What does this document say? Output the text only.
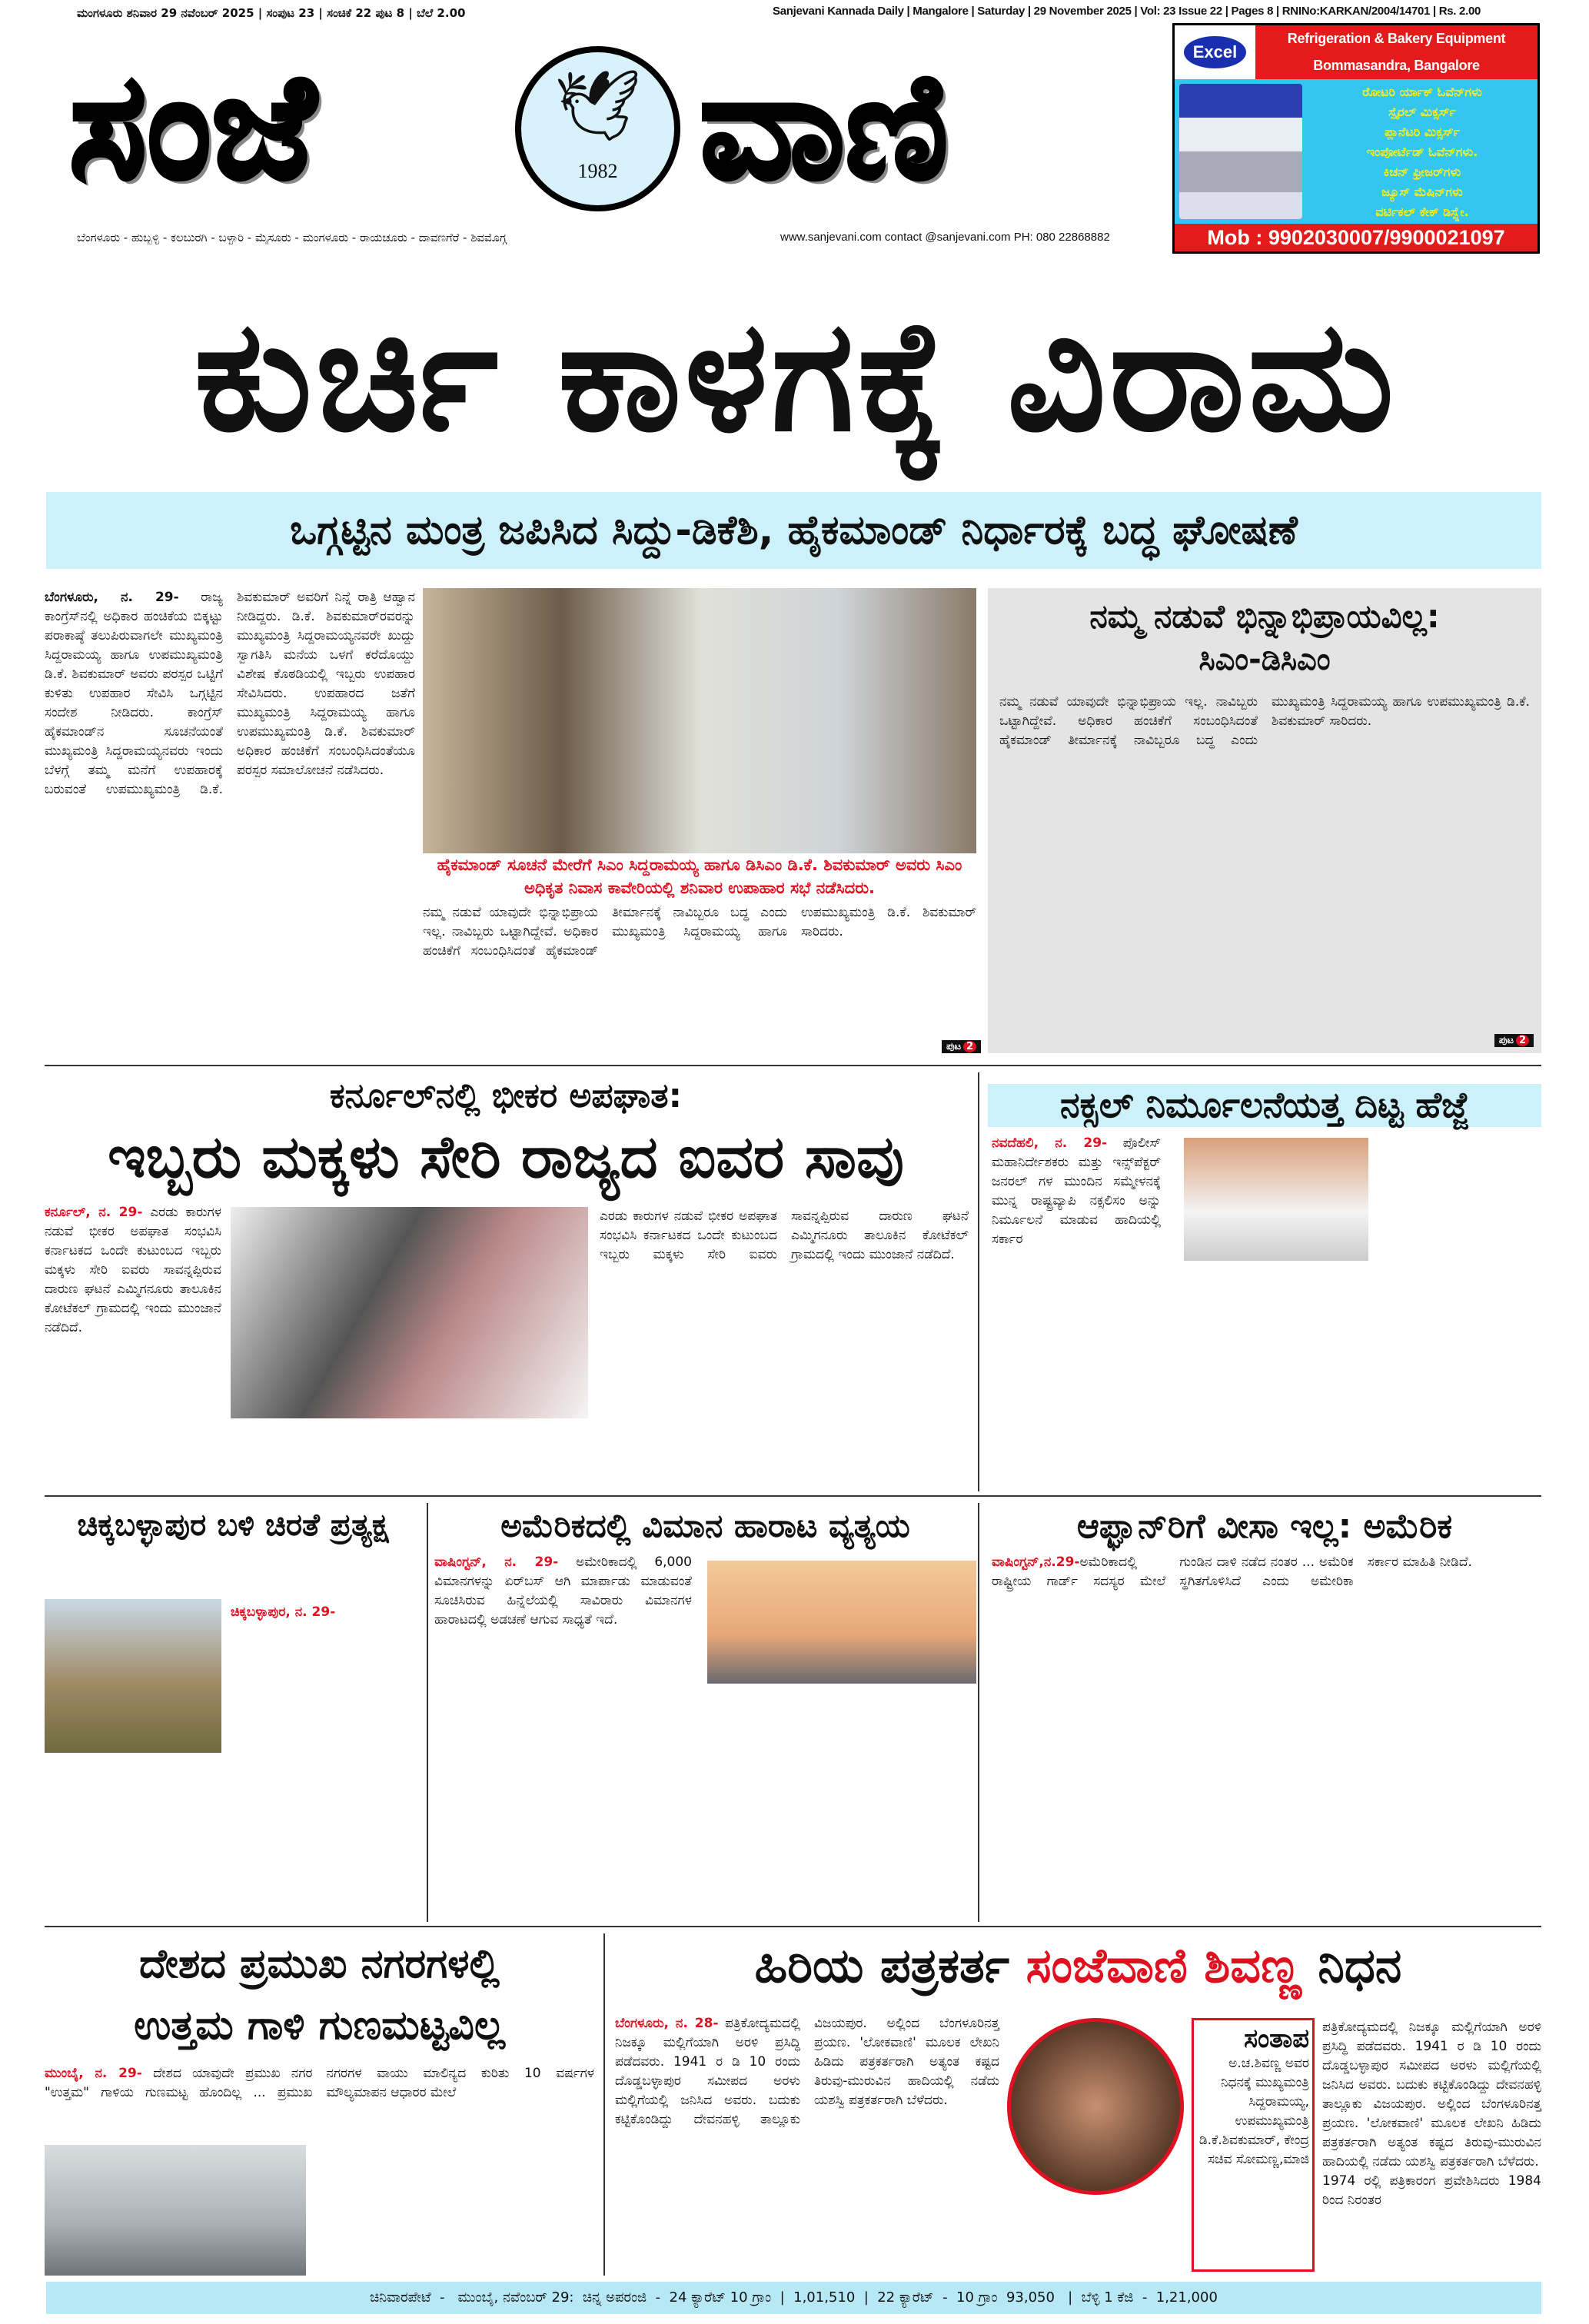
ಮಂಗಳೂರು ಶನಿವಾರ 29 ನವೆಂಬರ್ 2025 | ಸಂಪುಟ 23 | ಸಂಚಿಕೆ 22 ಪುಟ 8 | ಬೆಲೆ 2.00	Sanjevani Kannada Daily | Mangalore | Saturday | 29 November 2025 | Vol: 23 Issue 22 | Pages 8 | RNINo:KARKAN/2004/14701 | Rs. 2.00
ಸಂಜೆ	🕊
1982 ವಾಣಿ
ಬೆಂಗಳೂರು - ಹುಬ್ಬಳ್ಳಿ - ಕಲಬುರಗಿ - ಬಳ್ಳಾರಿ - ಮೈಸೂರು - ಮಂಗಳೂರು - ರಾಯಚೂರು - ದಾವಣಗೆರೆ - ಶಿವಮೊಗ್ಗ	www.sanjevani.com contact @sanjevani.com PH: 080 22868882
Excel
Refrigeration & Bakery Equipment
Bommasandra, Bangalore
ರೋಟರಿ ರ್ಯಾಕ್ ಓವೆನ್‌ಗಳು
ಸ್ಪೈರಲ್ ಮಿಕ್ಸರ್ಸ್
ಪ್ಲಾನೆಟರಿ ಮಿಕ್ಸರ್ಸ್
ಇಂಪೋರ್ಟೆಡ್ ಓವೆನ್‌ಗಳು.
ಕಿಚನ್ ಫ್ರೀಜರ್‌ಗಳು
ಜ್ಯೂಸ್ ಮೆಷಿನ್‌ಗಳು
ವರ್ಟಿಕಲ್ ಕೇಕ್ ಡಿಸ್ಪ್ಲೇ.
Mob : 9902030007/9900021097
ಕುರ್ಚಿ ಕಾಳಗಕ್ಕೆ ವಿರಾಮ
ಒಗ್ಗಟ್ಟಿನ ಮಂತ್ರ ಜಪಿಸಿದ ಸಿದ್ದು-ಡಿಕೆಶಿ, ಹೈಕಮಾಂಡ್ ನಿರ್ಧಾರಕ್ಕೆ ಬದ್ಧ ಘೋಷಣೆ
ಬೆಂಗಳೂರು, ನ. 29- ರಾಜ್ಯ ಕಾಂಗ್ರೆಸ್‌ನಲ್ಲಿ ಅಧಿಕಾರ ಹಂಚಿಕೆಯ ಬಿಕ್ಕಟ್ಟು ಪರಾಕಾಷ್ಠೆ ತಲುಪಿರುವಾಗಲೇ ಮುಖ್ಯಮಂತ್ರಿ ಸಿದ್ದರಾಮಯ್ಯ ಹಾಗೂ ಉಪಮುಖ್ಯಮಂತ್ರಿ ಡಿ.ಕೆ. ಶಿವಕುಮಾರ್ ಅವರು ಪರಸ್ಪರ ಒಟ್ಟಿಗೆ ಕುಳಿತು ಉಪಹಾರ ಸೇವಿಸಿ ಒಗ್ಗಟ್ಟಿನ ಸಂದೇಶ ನೀಡಿದರು. ಕಾಂಗ್ರೆಸ್ ಹೈಕಮಾಂಡ್‌ನ ಸೂಚನೆಯಂತೆ ಮುಖ್ಯಮಂತ್ರಿ ಸಿದ್ದರಾಮಯ್ಯನವರು ಇಂದು ಬೆಳಗ್ಗೆ ತಮ್ಮ ಮನೆಗೆ ಉಪಹಾರಕ್ಕೆ ಬರುವಂತೆ ಉಪಮುಖ್ಯಮಂತ್ರಿ ಡಿ.ಕೆ. ಶಿವಕುಮಾರ್ ಅವರಿಗೆ ನಿನ್ನೆ ರಾತ್ರಿ ಆಹ್ವಾನ ನೀಡಿದ್ದರು. ಡಿ.ಕೆ. ಶಿವಕುಮಾರ್‌ರವರನ್ನು ಮುಖ್ಯಮಂತ್ರಿ ಸಿದ್ದರಾಮಯ್ಯನವರೇ ಖುದ್ದು ಸ್ವಾಗತಿಸಿ ಮನೆಯ ಒಳಗೆ ಕರೆದೊಯ್ದು ವಿಶೇಷ ಕೊಠಡಿಯಲ್ಲಿ ಇಬ್ಬರು ಉಪಹಾರ ಸೇವಿಸಿದರು. ಉಪಹಾರದ ಜತೆಗೆ ಮುಖ್ಯಮಂತ್ರಿ ಸಿದ್ದರಾಮಯ್ಯ ಹಾಗೂ ಉಪಮುಖ್ಯಮಂತ್ರಿ ಡಿ.ಕೆ. ಶಿವಕುಮಾರ್ ಅಧಿಕಾರ ಹಂಚಿಕೆಗೆ ಸಂಬಂಧಿಸಿದಂತೆಯೂ ಪರಸ್ಪರ ಸಮಾಲೋಚನೆ ನಡೆಸಿದರು.
ಹೈಕಮಾಂಡ್ ಸೂಚನೆ ಮೇರೆಗೆ ಸಿಎಂ ಸಿದ್ದರಾಮಯ್ಯ ಹಾಗೂ ಡಿಸಿಎಂ ಡಿ.ಕೆ. ಶಿವಕುಮಾರ್ ಅವರು ಸಿಎಂ ಅಧಿಕೃತ ನಿವಾಸ ಕಾವೇರಿಯಲ್ಲಿ ಶನಿವಾರ ಉಪಾಹಾರ ಸಭೆ ನಡೆಸಿದರು.
ನಮ್ಮ ನಡುವೆ ಯಾವುದೇ ಭಿನ್ನಾಭಿಪ್ರಾಯ ಇಲ್ಲ. ನಾವಿಬ್ಬರು ಒಟ್ಟಾಗಿದ್ದೇವೆ. ಅಧಿಕಾರ ಹಂಚಿಕೆಗೆ ಸಂಬಂಧಿಸಿದಂತೆ ಹೈಕಮಾಂಡ್ ತೀರ್ಮಾನಕ್ಕೆ ನಾವಿಬ್ಬರೂ ಬದ್ಧ ಎಂದು ಮುಖ್ಯಮಂತ್ರಿ ಸಿದ್ದರಾಮಯ್ಯ ಹಾಗೂ ಉಪಮುಖ್ಯಮಂತ್ರಿ ಡಿ.ಕೆ. ಶಿವಕುಮಾರ್ ಸಾರಿದರು.
ಪುಟ 2
ನಮ್ಮ ನಡುವೆ ಭಿನ್ನಾಭಿಪ್ರಾಯವಿಲ್ಲ:
ಸಿಎಂ-ಡಿಸಿಎಂ
ನಮ್ಮ ನಡುವೆ ಯಾವುದೇ ಭಿನ್ನಾಭಿಪ್ರಾಯ ಇಲ್ಲ. ನಾವಿಬ್ಬರು ಒಟ್ಟಾಗಿದ್ದೇವೆ. ಅಧಿಕಾರ ಹಂಚಿಕೆಗೆ ಸಂಬಂಧಿಸಿದಂತೆ ಹೈಕಮಾಂಡ್ ತೀರ್ಮಾನಕ್ಕೆ ನಾವಿಬ್ಬರೂ ಬದ್ಧ ಎಂದು ಮುಖ್ಯಮಂತ್ರಿ ಸಿದ್ದರಾಮಯ್ಯ ಹಾಗೂ ಉಪಮುಖ್ಯಮಂತ್ರಿ ಡಿ.ಕೆ. ಶಿವಕುಮಾರ್ ಸಾರಿದರು.
ಪುಟ 2
ಕರ್ನೂಲ್‌ನಲ್ಲಿ ಭೀಕರ ಅಪಘಾತ:
ಇಬ್ಬರು ಮಕ್ಕಳು ಸೇರಿ ರಾಜ್ಯದ ಐವರ ಸಾವು
ಕರ್ನೂಲ್, ನ. 29- ಎರಡು ಕಾರುಗಳ ನಡುವೆ ಭೀಕರ ಅಪಘಾತ ಸಂಭವಿಸಿ ಕರ್ನಾಟಕದ ಒಂದೇ ಕುಟುಂಬದ ಇಬ್ಬರು ಮಕ್ಕಳು ಸೇರಿ ಐವರು ಸಾವನ್ನಪ್ಪಿರುವ ದಾರುಣ ಘಟನೆ ಎಮ್ಮಿಗನೂರು ತಾಲೂಕಿನ ಕೋಟೆಕಲ್ ಗ್ರಾಮದಲ್ಲಿ ಇಂದು ಮುಂಜಾನೆ ನಡೆದಿದೆ.
ಎರಡು ಕಾರುಗಳ ನಡುವೆ ಭೀಕರ ಅಪಘಾತ ಸಂಭವಿಸಿ ಕರ್ನಾಟಕದ ಒಂದೇ ಕುಟುಂಬದ ಇಬ್ಬರು ಮಕ್ಕಳು ಸೇರಿ ಐವರು ಸಾವನ್ನಪ್ಪಿರುವ ದಾರುಣ ಘಟನೆ ಎಮ್ಮಿಗನೂರು ತಾಲೂಕಿನ ಕೋಟೆಕಲ್ ಗ್ರಾಮದಲ್ಲಿ ಇಂದು ಮುಂಜಾನೆ ನಡೆದಿದೆ.
ನಕ್ಸಲ್ ನಿರ್ಮೂಲನೆಯತ್ತ ದಿಟ್ಟ ಹೆಜ್ಜೆ
ನವದೆಹಲಿ, ನ. 29- ಪೊಲೀಸ್ ಮಹಾನಿರ್ದೇಶಕರು ಮತ್ತು ಇನ್ಸ್‌ಪೆಕ್ಟರ್ ಜನರಲ್ ಗಳ ಮುಂದಿನ ಸಮ್ಮೇಳನಕ್ಕೆ ಮುನ್ನ ರಾಷ್ಟ್ರವ್ಯಾಪಿ ನಕ್ಸಲಿಸಂ ಅನ್ನು ನಿರ್ಮೂಲನೆ ಮಾಡುವ ಹಾದಿಯಲ್ಲಿ ಸರ್ಕಾರ
ಚಿಕ್ಕಬಳ್ಳಾಪುರ ಬಳಿ ಚಿರತೆ ಪ್ರತ್ಯಕ್ಷ
ಚಿಕ್ಕಬಳ್ಳಾಪುರ, ನ. 29-
ಅಮೆರಿಕದಲ್ಲಿ ವಿಮಾನ ಹಾರಾಟ ವ್ಯತ್ಯಯ
ವಾಷಿಂಗ್ಟನ್, ನ. 29- ಅಮೇರಿಕಾದಲ್ಲಿ 6,000 ವಿಮಾನಗಳನ್ನು ಏರ್‌ಬಸ್ ಆಗಿ ಮಾರ್ಪಾಡು ಮಾಡುವಂತೆ ಸೂಚಿಸಿರುವ ಹಿನ್ನೆಲೆಯಲ್ಲಿ ಸಾವಿರಾರು ವಿಮಾನಗಳ ಹಾರಾಟದಲ್ಲಿ ಅಡಚಣೆ ಆಗುವ ಸಾಧ್ಯತೆ ಇದೆ.
ಆಫ್ಘಾನ್‌ರಿಗೆ ವೀಸಾ ಇಲ್ಲ: ಅಮೆರಿಕ
ವಾಷಿಂಗ್ಟನ್,ನ.29-ಅಮೆರಿಕಾದಲ್ಲಿ ರಾಷ್ಟ್ರೀಯ ಗಾರ್ಡ್ ಸದಸ್ಯರ ಮೇಲೆ ಗುಂಡಿನ ದಾಳಿ ನಡೆದ ನಂತರ ... ಅಮೆರಿಕ ಸ್ಥಗಿತಗೊಳಿಸಿದೆ ಎಂದು ಅಮೇರಿಕಾ ಸರ್ಕಾರ ಮಾಹಿತಿ ನೀಡಿದೆ.
ದೇಶದ ಪ್ರಮುಖ ನಗರಗಳಲ್ಲಿ
ಉತ್ತಮ ಗಾಳಿ ಗುಣಮಟ್ಟವಿಲ್ಲ
ಮುಂಬೈ, ನ. 29- ದೇಶದ ಯಾವುದೇ ಪ್ರಮುಖ ನಗರ "ಉತ್ತಮ" ಗಾಳಿಯ ಗುಣಮಟ್ಟ ಹೊಂದಿಲ್ಲ ... ಪ್ರಮುಖ ನಗರಗಳ ವಾಯು ಮಾಲಿನ್ಯದ ಕುರಿತು 10 ವರ್ಷಗಳ ಮೌಲ್ಯಮಾಪನ ಆಧಾರರ ಮೇಲೆ
ಹಿರಿಯ ಪತ್ರಕರ್ತ ಸಂಜೆವಾಣಿ ಶಿವಣ್ಣ ನಿಧನ
ಬೆಂಗಳೂರು, ನ. 28- ಪತ್ರಿಕೋದ್ಯಮದಲ್ಲಿ ನಿಜಕ್ಕೂ ಮಲ್ಲಿಗೆಯಾಗಿ ಅರಳಿ ಪ್ರಸಿದ್ಧಿ ಪಡೆದವರು. 1941 ರ ಡಿ 10 ರಂದು ದೊಡ್ಡಬಳ್ಳಾಪುರ ಸಮೀಪದ ಅರಳು ಮಲ್ಲಿಗೆಯಲ್ಲಿ ಜನಿಸಿದ ಅವರು. ಬದುಕು ಕಟ್ಟಿಕೊಂಡಿದ್ದು ದೇವನಹಳ್ಳಿ ತಾಲ್ಲೂಕು ವಿಜಯಪುರ. ಅಲ್ಲಿಂದ ಬೆಂಗಳೂರಿನತ್ತ ಪ್ರಯಣ. 'ಲೋಕವಾಣಿ' ಮೂಲಕ ಲೇಖನಿ ಹಿಡಿದು ಪತ್ರಕರ್ತರಾಗಿ ಅತ್ಯಂತ ಕಷ್ಟದ ತಿರುವು-ಮುರುವಿನ ಹಾದಿಯಲ್ಲಿ ನಡೆದು ಯಶಸ್ವಿ ಪತ್ರಕರ್ತರಾಗಿ ಬೆಳೆದರು.
ಸಂತಾಪ
ಅ.ಚ.ಶಿವಣ್ಣ ಅವರ ನಿಧನಕ್ಕೆ ಮುಖ್ಯಮಂತ್ರಿ ಸಿದ್ದರಾಮಯ್ಯ, ಉಪಮುಖ್ಯಮಂತ್ರಿ ಡಿ.ಕೆ.ಶಿವಕುಮಾರ್, ಕೇಂದ್ರ ಸಚಿವ ಸೋಮಣ್ಣ,ಮಾಜಿ
ಪತ್ರಿಕೋದ್ಯಮದಲ್ಲಿ ನಿಜಕ್ಕೂ ಮಲ್ಲಿಗೆಯಾಗಿ ಅರಳಿ ಪ್ರಸಿದ್ಧಿ ಪಡೆದವರು. 1941 ರ ಡಿ 10 ರಂದು ದೊಡ್ಡಬಳ್ಳಾಪುರ ಸಮೀಪದ ಅರಳು ಮಲ್ಲಿಗೆಯಲ್ಲಿ ಜನಿಸಿದ ಅವರು. ಬದುಕು ಕಟ್ಟಿಕೊಂಡಿದ್ದು ದೇವನಹಳ್ಳಿ ತಾಲ್ಲೂಕು ವಿಜಯಪುರ. ಅಲ್ಲಿಂದ ಬೆಂಗಳೂರಿನತ್ತ ಪ್ರಯಣ. 'ಲೋಕವಾಣಿ' ಮೂಲಕ ಲೇಖನಿ ಹಿಡಿದು ಪತ್ರಕರ್ತರಾಗಿ ಅತ್ಯಂತ ಕಷ್ಟದ ತಿರುವು-ಮುರುವಿನ ಹಾದಿಯಲ್ಲಿ ನಡೆದು ಯಶಸ್ವಿ ಪತ್ರಕರ್ತರಾಗಿ ಬೆಳೆದರು.
1974 ರಲ್ಲಿ ಪತ್ರಿಕಾರಂಗ ಪ್ರವೇಶಿಸಿದರು 1984 ರಿಂದ ನಿರಂತರ
ಚಿನಿವಾರಪೇಟೆ  -   ಮುಂಬೈ, ನವೆಂಬರ್ 29:  ಚಿನ್ನ ಅಪರಂಜಿ  -  24 ಕ್ಯಾರೆಟ್ 10 ಗ್ರಾಂ  |  1,01,510  |  22 ಕ್ಯಾರೆಟ್  -  10 ಗ್ರಾಂ  93,050   |  ಬೆಳ್ಳಿ 1 ಕೆಜಿ  -  1,21,000
